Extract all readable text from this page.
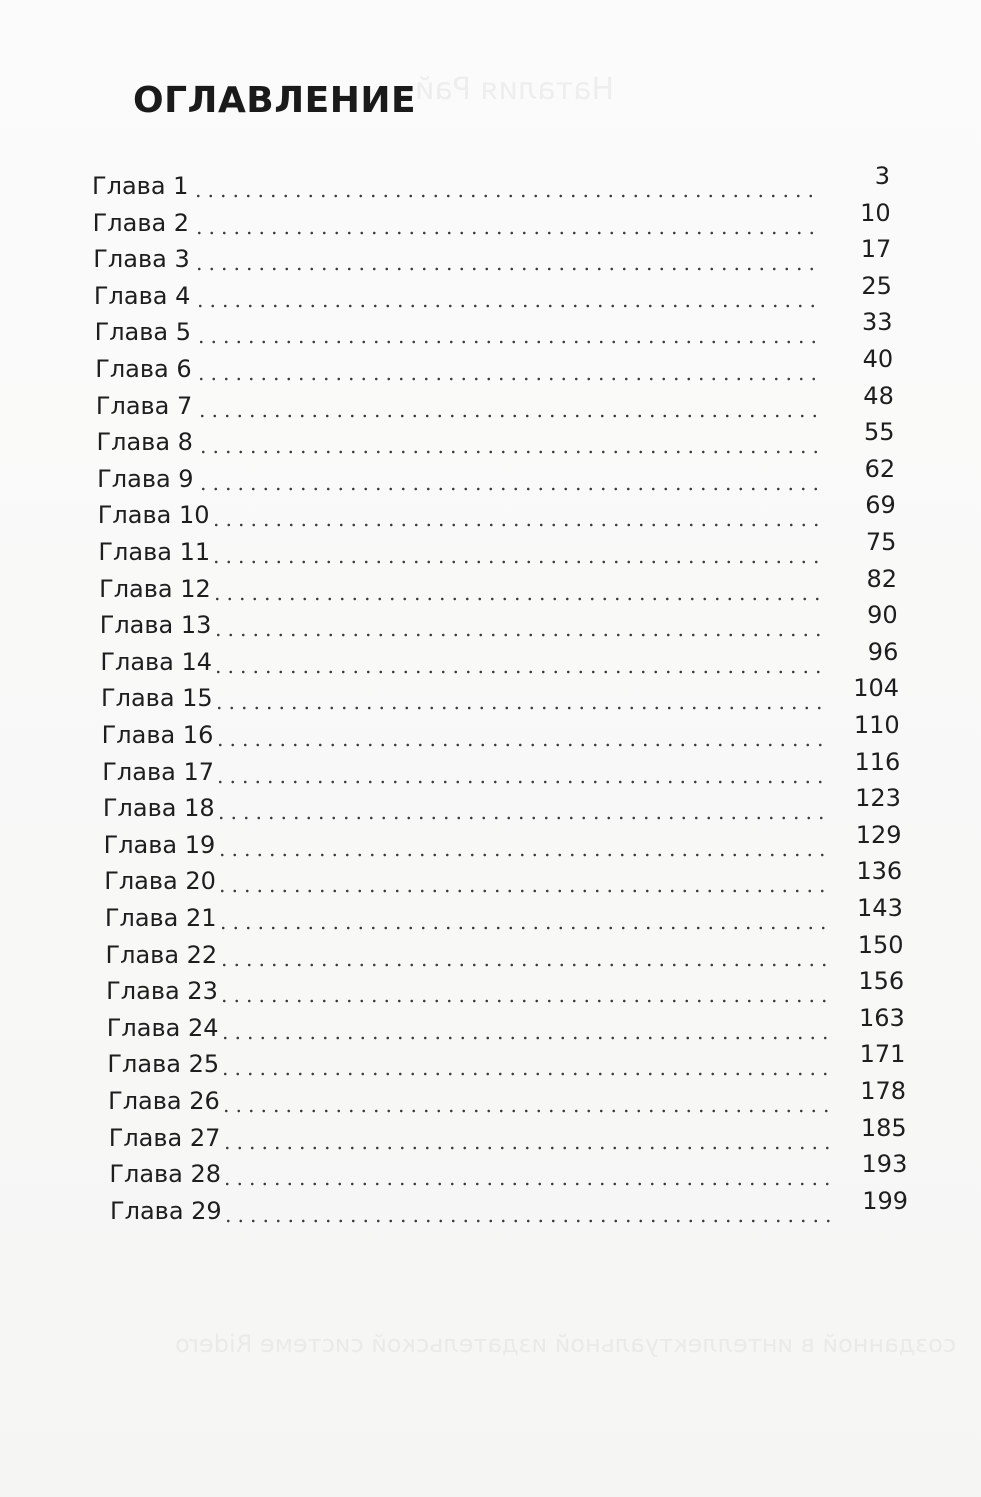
Наталия Рай
созданной в интеллектуальной издательской системе Ridero
ОГЛАВЛЕНИЕ
Глава 1	3
Глава 2	10
Глава 3	17
Глава 4	25
Глава 5	33
Глава 6	40
Глава 7	48
Глава 8	55
Глава 9	62
Глава 10	69
Глава 11	75
Глава 12	82
Глава 13	90
Глава 14	96
Глава 15	104
Глава 16	110
Глава 17	116
Глава 18	123
Глава 19	129
Глава 20	136
Глава 21	143
Глава 22	150
Глава 23	156
Глава 24	163
Глава 25	171
Глава 26	178
Глава 27	185
Глава 28	193
Глава 29	199
